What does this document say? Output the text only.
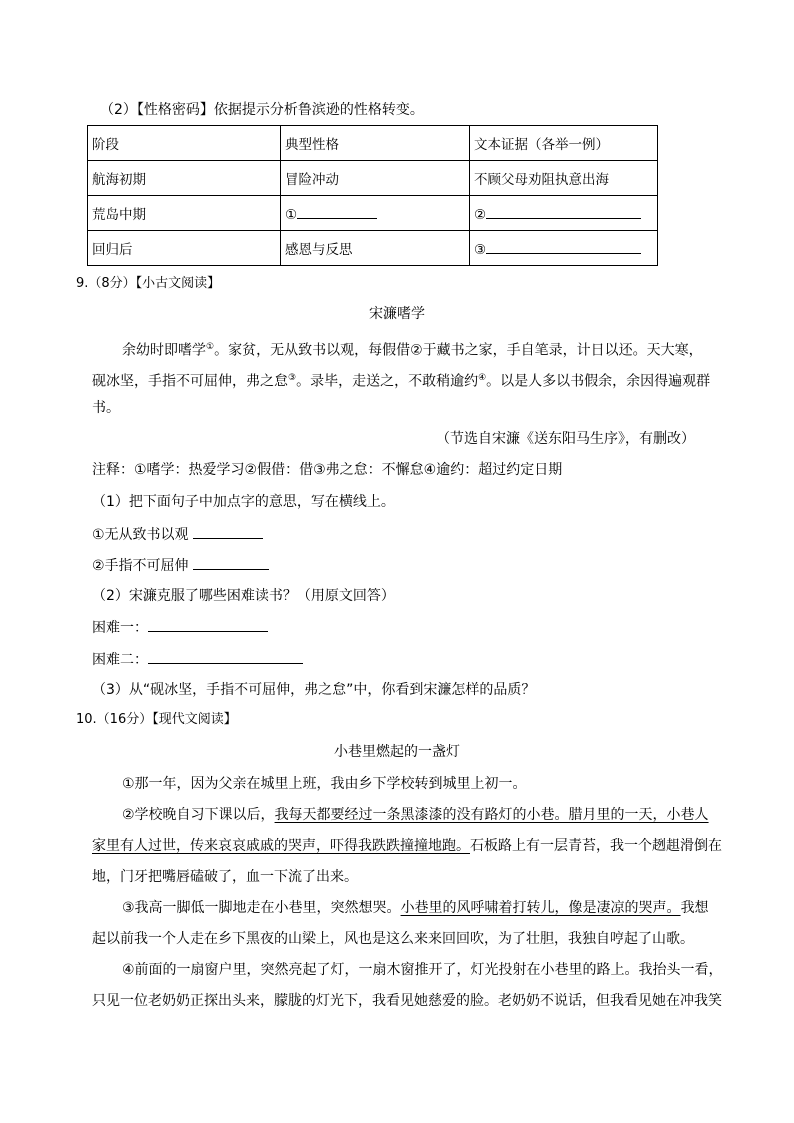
（2）【性格密码】依据提示分析鲁滨逊的性格转变。
阶段	典型性格	文本证据（各举一例）
航海初期	冒险冲动	不顾父母劝阻执意出海
荒岛中期	①	②
回归后	感恩与反思	③
9.（8分）【小古文阅读】
宋濂嗜学
余幼时即嗜学①。家贫，无从致书以观，每假借②于藏书之家，手自笔录，计日以还。天大寒，
砚冰坚，手指不可屈伸，弗之怠③。录毕，走送之，不敢稍逾约④。以是人多以书假余，余因得遍观群
书。
（节选自宋濂《送东阳马生序》，有删改）
注释：①嗜学：热爱学习②假借：借③弗之怠：不懈怠④逾约：超过约定日期
（1）把下面句子中加点字的意思，写在横线上。
①无从致书以观
②手指不可屈伸
（2）宋濂克服了哪些困难读书？（用原文回答）
困难一：
困难二：
（3）从“砚冰坚，手指不可屈伸，弗之怠”中，你看到宋濂怎样的品质？
10.（16分）【现代文阅读】
小巷里燃起的一盏灯
①那一年，因为父亲在城里上班，我由乡下学校转到城里上初一。
②学校晚自习下课以后，我每天都要经过一条黑漆漆的没有路灯的小巷。腊月里的一天，小巷人
家里有人过世，传来哀哀戚戚的哭声，吓得我跌跌撞撞地跑。石板路上有一层青苔，我一个趔趄滑倒在
地，门牙把嘴唇磕破了，血一下流了出来。
③我高一脚低一脚地走在小巷里，突然想哭。小巷里的风呼啸着打转儿，像是凄凉的哭声。我想
起以前我一个人走在乡下黑夜的山梁上，风也是这么来来回回吹，为了壮胆，我独自哼起了山歌。
④前面的一扇窗户里，突然亮起了灯，一扇木窗推开了，灯光投射在小巷里的路上。我抬头一看，
只见一位老奶奶正探出头来，朦胧的灯光下，我看见她慈爱的脸。老奶奶不说话，但我看见她在冲我笑
